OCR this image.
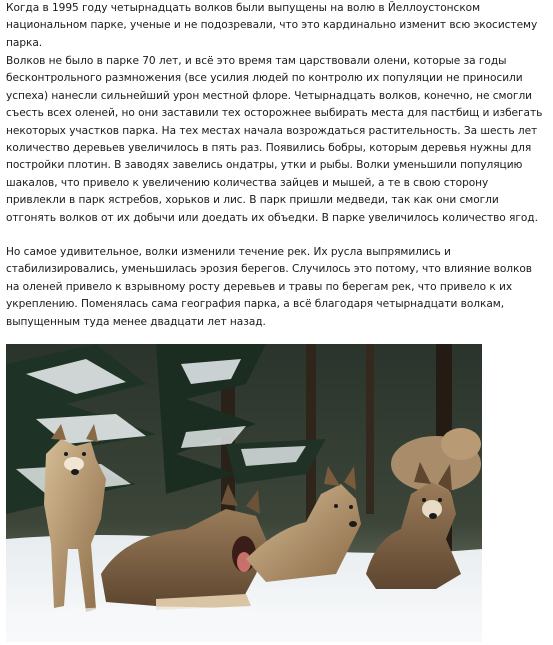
Когда в 1995 году четырнадцать волков были выпущены на волю в Йеллоустонском национальном парке, ученые и не подозревали, что это кардинально изменит всю экосистему парка.

Волков не было в парке 70 лет, и всё это время там царствовали олени, которые за годы бесконтрольного размножения (все усилия людей по контролю их популяции не приносили успеха) нанесли сильнейший урон местной флоре. Четырнадцать волков, конечно, не смогли съесть всех оленей, но они заставили тех осторожнее выбирать места для пастбищ и избегать некоторых участков парка. На тех местах начала возрождаться растительность. За шесть лет количество деревьев увеличилось в пять раз. Появились бобры, которым деревья нужны для постройки плотин. В заводях завелись ондатры, утки и рыбы. Волки уменьшили популяцию шакалов, что привело к увеличению количества зайцев и мышей, а те в свою сторону привлекли в парк ястребов, хорьков и лис. В парк пришли медведи, так как они смогли отгонять волков от их добычи или доедать их объедки. В парке увеличилось количество ягод.

Но самое удивительное, волки изменили течение рек. Их русла выпрямились и стабилизировались, уменьшилась эрозия берегов. Случилось это потому, что влияние волков на оленей привело к взрывному росту деревьев и травы по берегам рек, что привело к их укреплению. Поменялась сама география парка, а всё благодаря четырнадцати волкам, выпущенным туда менее двадцати лет назад.
